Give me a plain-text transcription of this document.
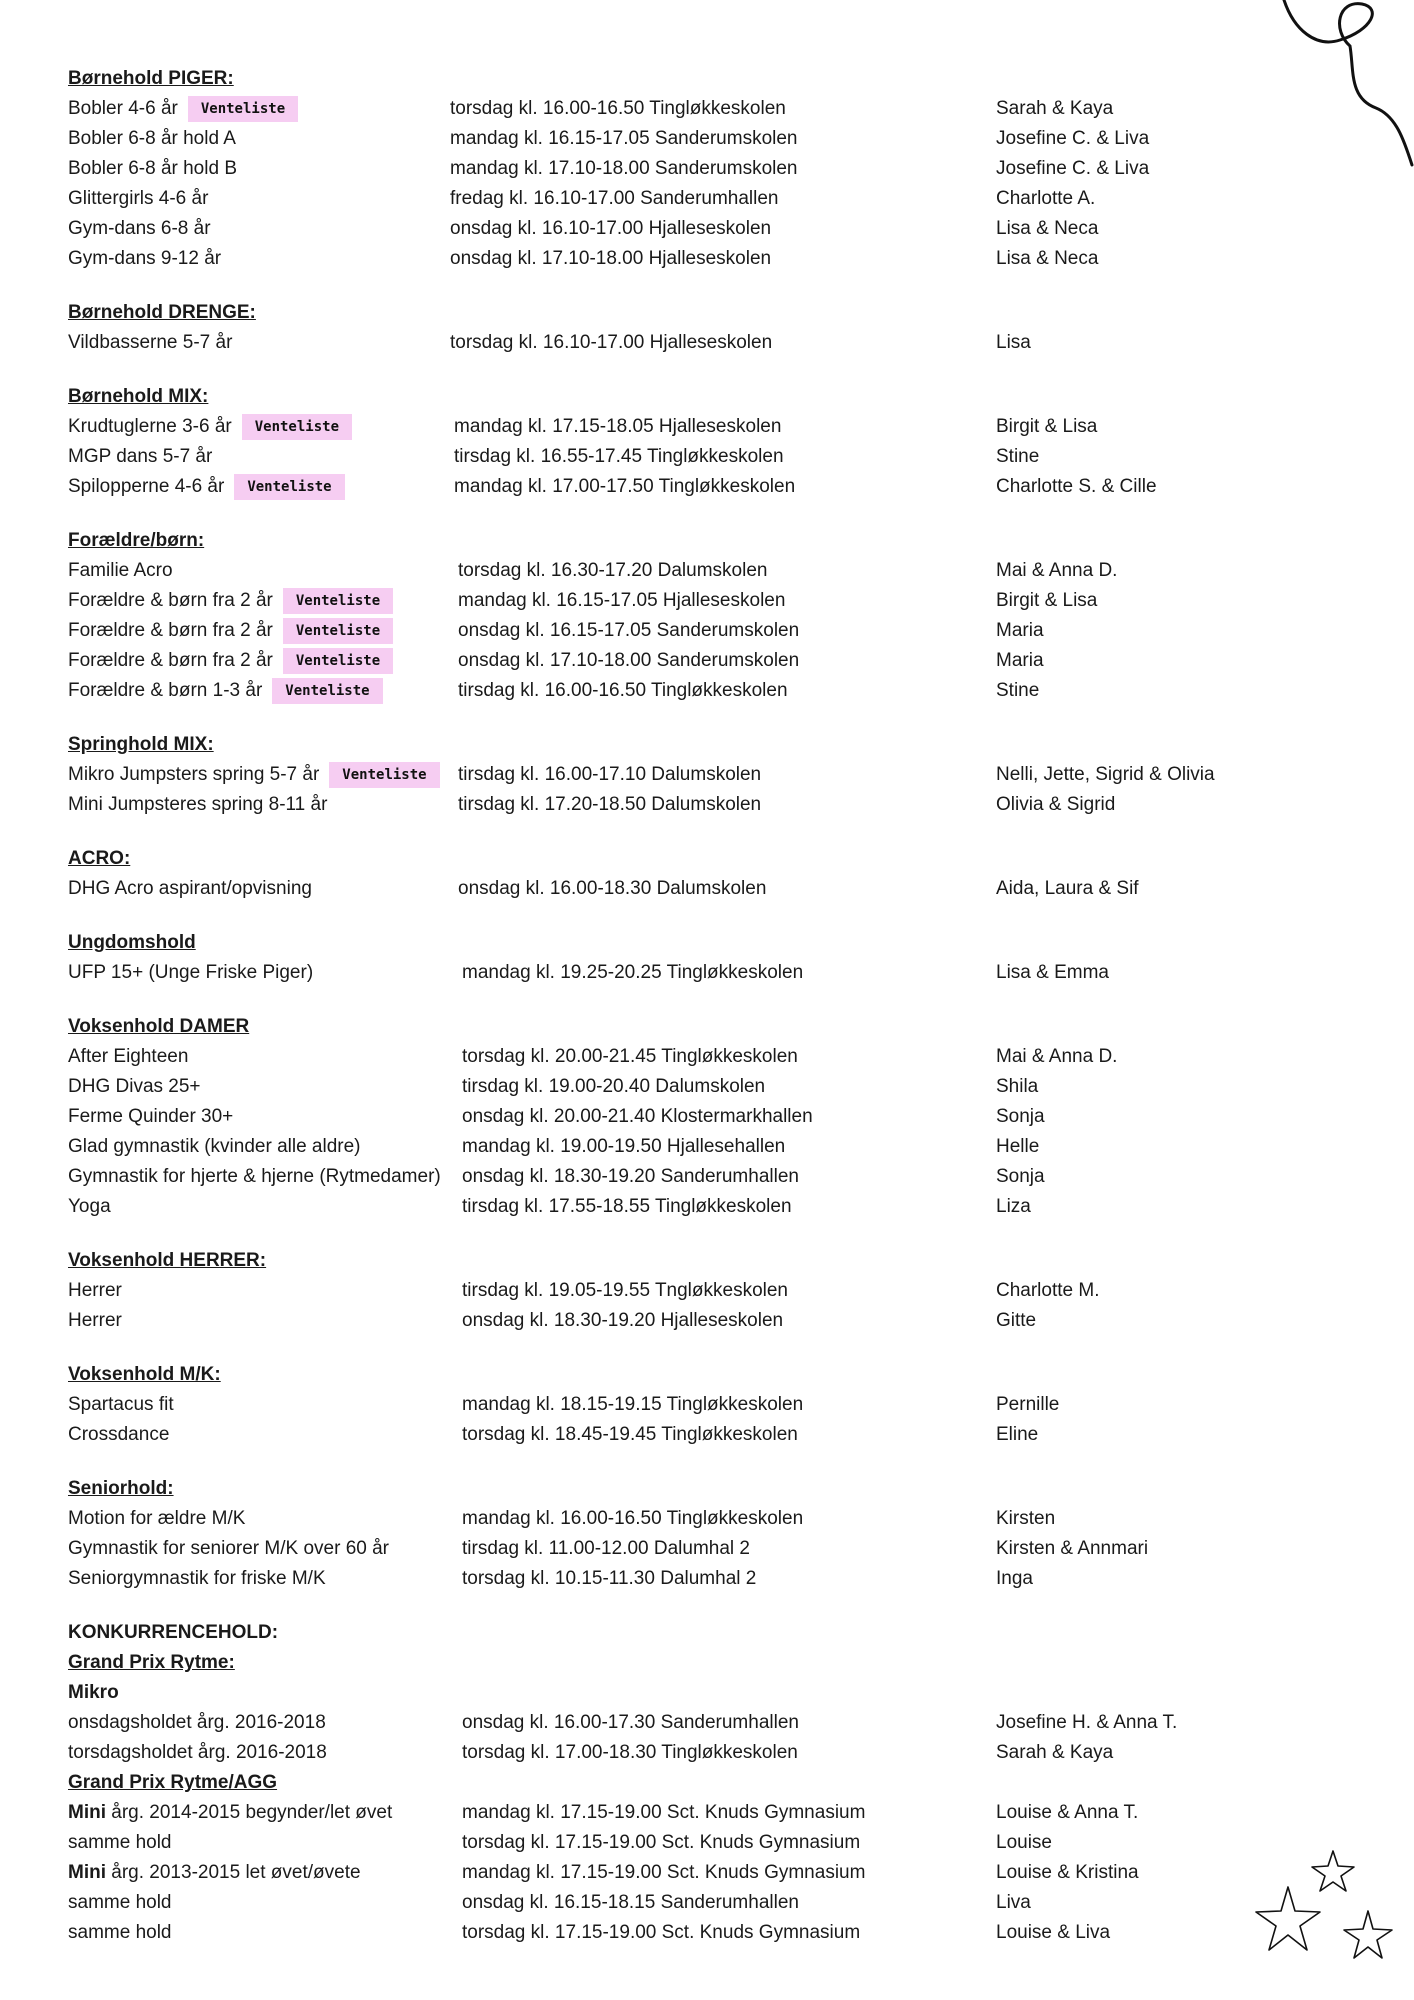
Børnehold PIGER:
Bobler 4-6 år Venteliste	torsdag kl. 16.00-16.50 Tingløkkeskolen	Sarah & Kaya
Bobler 6-8 år hold A	mandag kl. 16.15-17.05 Sanderumskolen	Josefine C. & Liva
Bobler 6-8 år hold B	mandag kl. 17.10-18.00 Sanderumskolen	Josefine C. & Liva
Glittergirls 4-6 år	fredag kl. 16.10-17.00 Sanderumhallen	Charlotte A.
Gym-dans 6-8 år	onsdag kl. 16.10-17.00 Hjalleseskolen	Lisa & Neca
Gym-dans 9-12 år	onsdag kl. 17.10-18.00 Hjalleseskolen	Lisa & Neca
Børnehold DRENGE:
Vildbasserne 5-7 år	torsdag kl. 16.10-17.00 Hjalleseskolen	Lisa
Børnehold MIX:
Krudtuglerne 3-6 år Venteliste	mandag kl. 17.15-18.05 Hjalleseskolen	Birgit & Lisa
MGP dans 5-7 år	tirsdag kl. 16.55-17.45 Tingløkkeskolen	Stine
Spilopperne 4-6 år Venteliste	mandag kl. 17.00-17.50 Tingløkkeskolen	Charlotte S. & Cille
Forældre/børn:
Familie Acro	torsdag kl. 16.30-17.20 Dalumskolen	Mai & Anna D.
Forældre & børn fra 2 år Venteliste	mandag kl. 16.15-17.05 Hjalleseskolen	Birgit & Lisa
Forældre & børn fra 2 år Venteliste	onsdag kl. 16.15-17.05 Sanderumskolen	Maria
Forældre & børn fra 2 år Venteliste	onsdag kl. 17.10-18.00 Sanderumskolen	Maria
Forældre & børn 1-3 år Venteliste	tirsdag kl. 16.00-16.50 Tingløkkeskolen	Stine
Springhold MIX:
Mikro Jumpsters spring 5-7 år Venteliste	tirsdag kl. 16.00-17.10 Dalumskolen	Nelli, Jette, Sigrid & Olivia
Mini Jumpsteres spring 8-11 år	tirsdag kl. 17.20-18.50 Dalumskolen	Olivia & Sigrid
ACRO:
DHG Acro aspirant/opvisning	onsdag kl. 16.00-18.30 Dalumskolen	Aida, Laura & Sif
Ungdomshold
UFP 15+ (Unge Friske Piger)	mandag kl. 19.25-20.25 Tingløkkeskolen	Lisa & Emma
Voksenhold DAMER
After Eighteen	torsdag kl. 20.00-21.45 Tingløkkeskolen	Mai & Anna D.
DHG Divas 25+	tirsdag kl. 19.00-20.40 Dalumskolen	Shila
Ferme Quinder 30+	onsdag kl. 20.00-21.40 Klostermarkhallen	Sonja
Glad gymnastik (kvinder alle aldre)	mandag kl. 19.00-19.50 Hjallesehallen	Helle
Gymnastik for hjerte & hjerne (Rytmedamer) onsdag kl. 18.30-19.20 Sanderumhallen	Sonja
Yoga	tirsdag kl. 17.55-18.55 Tingløkkeskolen	Liza
Voksenhold HERRER:
Herrer	tirsdag kl. 19.05-19.55 Tngløkkeskolen	Charlotte M.
Herrer	onsdag kl. 18.30-19.20 Hjalleseskolen	Gitte
Voksenhold M/K:
Spartacus fit	mandag kl. 18.15-19.15 Tingløkkeskolen	Pernille
Crossdance	torsdag kl. 18.45-19.45 Tingløkkeskolen	Eline
Seniorhold:
Motion for ældre M/K	mandag kl. 16.00-16.50 Tingløkkeskolen	Kirsten
Gymnastik for seniorer M/K over 60 år	tirsdag kl. 11.00-12.00 Dalumhal 2	Kirsten & Annmari
Seniorgymnastik for friske M/K	torsdag kl. 10.15-11.30 Dalumhal 2	Inga
KONKURRENCEHOLD:
Grand Prix Rytme:
Mikro
onsdagsholdet årg. 2016-2018	onsdag kl. 16.00-17.30 Sanderumhallen	Josefine H. & Anna T.
torsdagsholdet årg. 2016-2018	torsdag kl. 17.00-18.30 Tingløkkeskolen	Sarah & Kaya
Grand Prix Rytme/AGG
Mini årg. 2014-2015 begynder/let øvet	mandag kl. 17.15-19.00 Sct. Knuds Gymnasium	Louise & Anna T.
samme hold	torsdag kl. 17.15-19.00 Sct. Knuds Gymnasium	Louise
Mini årg. 2013-2015 let øvet/øvete	mandag kl. 17.15-19.00 Sct. Knuds Gymnasium	Louise & Kristina
samme hold	onsdag kl. 16.15-18.15 Sanderumhallen	Liva
samme hold	torsdag kl. 17.15-19.00 Sct. Knuds Gymnasium	Louise & Liva
